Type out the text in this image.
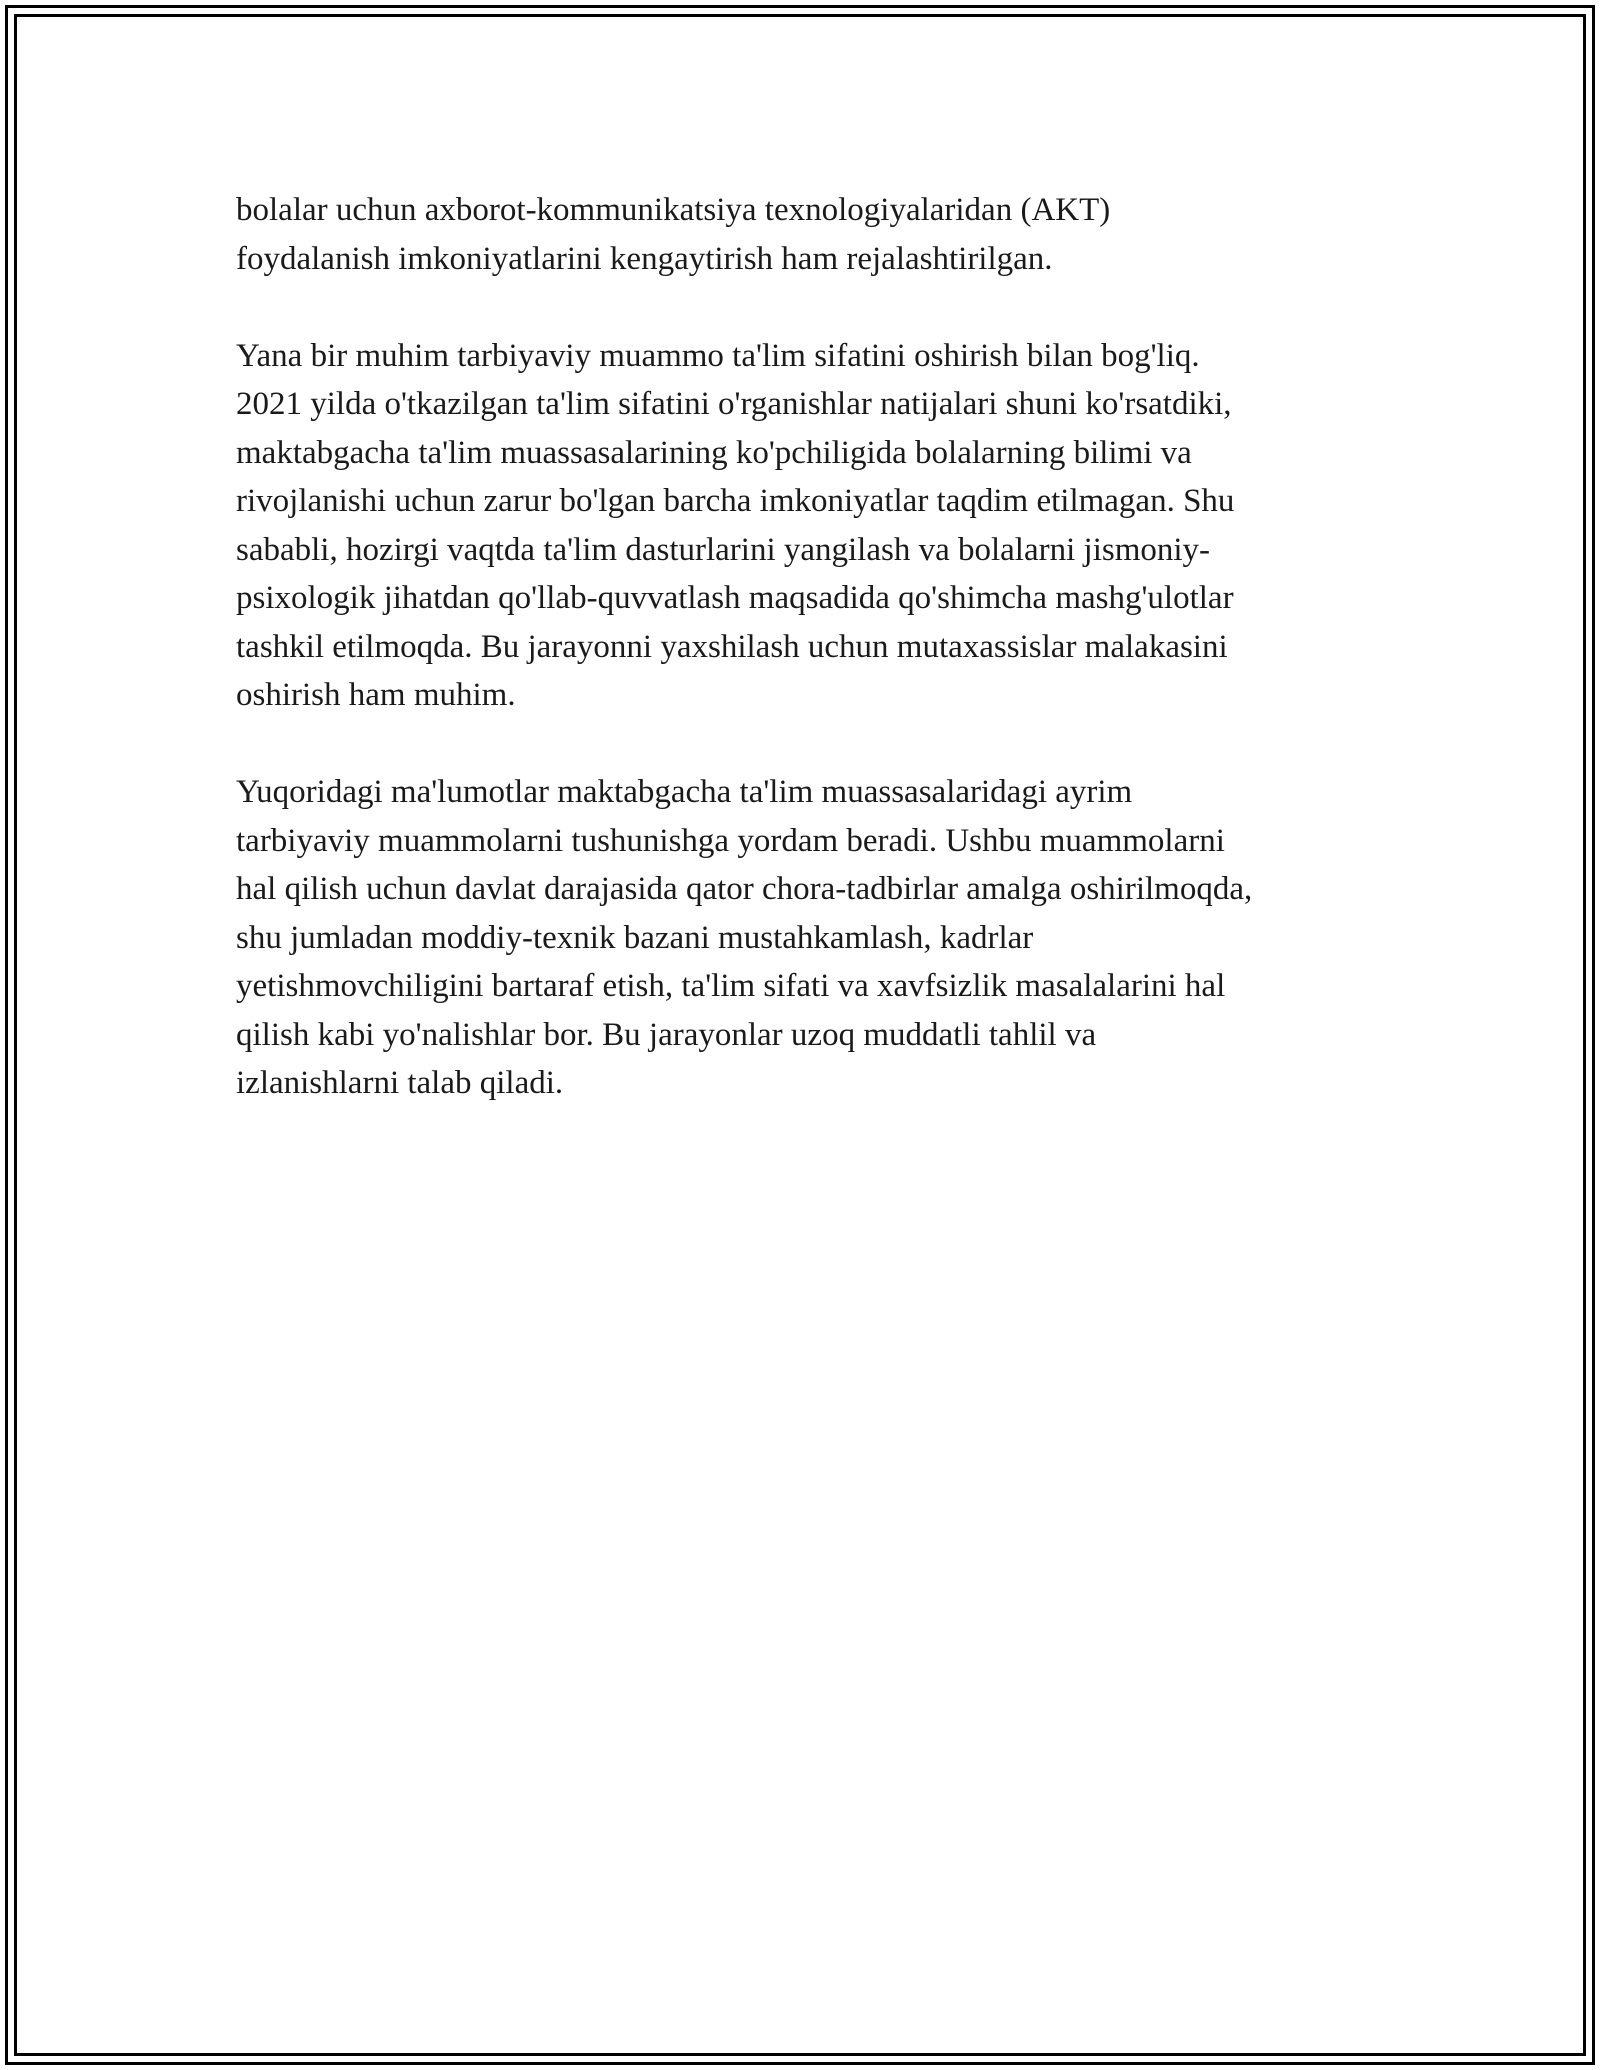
bolalar uchun axborot-kommunikatsiya texnologiyalaridan (AKT)
foydalanish imkoniyatlarini kengaytirish ham rejalashtirilgan.

Yana bir muhim tarbiyaviy muammo ta'lim sifatini oshirish bilan bog'liq.
2021 yilda o'tkazilgan ta'lim sifatini o'rganishlar natijalari shuni ko'rsatdiki,
maktabgacha ta'lim muassasalarining ko'pchiligida bolalarning bilimi va
rivojlanishi uchun zarur bo'lgan barcha imkoniyatlar taqdim etilmagan. Shu
sababli, hozirgi vaqtda ta'lim dasturlarini yangilash va bolalarni jismoniy-
psixologik jihatdan qo'llab-quvvatlash maqsadida qo'shimcha mashg'ulotlar
tashkil etilmoqda. Bu jarayonni yaxshilash uchun mutaxassislar malakasini
oshirish ham muhim.

Yuqoridagi ma'lumotlar maktabgacha ta'lim muassasalaridagi ayrim
tarbiyaviy muammolarni tushunishga yordam beradi. Ushbu muammolarni
hal qilish uchun davlat darajasida qator chora-tadbirlar amalga oshirilmoqda,
shu jumladan moddiy-texnik bazani mustahkamlash, kadrlar
yetishmovchiligini bartaraf etish, ta'lim sifati va xavfsizlik masalalarini hal
qilish kabi yo'nalishlar bor. Bu jarayonlar uzoq muddatli tahlil va
izlanishlarni talab qiladi.
